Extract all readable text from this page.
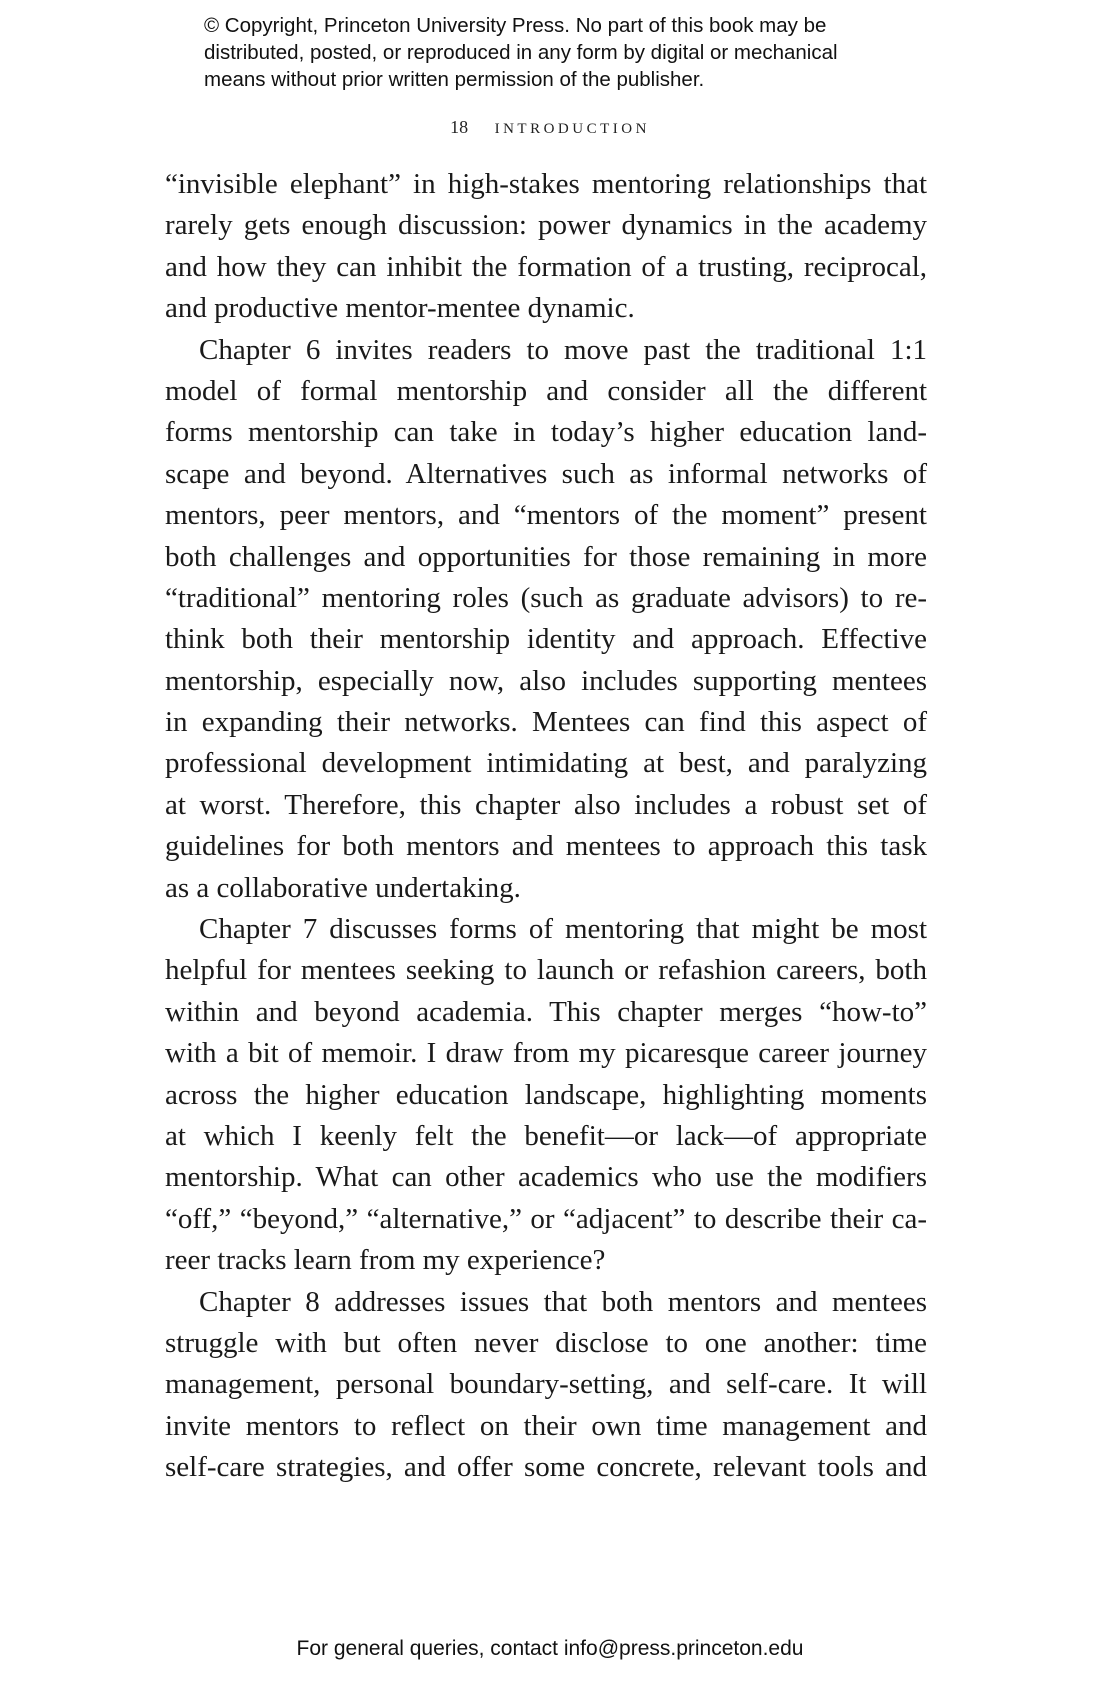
© Copyright, Princeton University Press. No part of this book may be
distributed, posted, or reproduced in any form by digital or mechanical
means without prior written permission of the publisher.
18 introduction
“invisible elephant” in high-stakes mentoring relationships that
rarely gets enough discussion: power dynamics in the academy
and how they can inhibit the formation of a trusting, reciprocal,
and productive mentor-mentee dynamic.
Chapter 6 invites readers to move past the traditional 1:1
model of formal mentorship and consider all the different
forms mentorship can take in today’s higher education land-
scape and beyond. Alternatives such as informal networks of
mentors, peer mentors, and “mentors of the moment” present
both challenges and opportunities for those remaining in more
“traditional” mentoring roles (such as graduate advisors) to re-
think both their mentorship identity and approach. Effective
mentorship, especially now, also includes supporting mentees
in expanding their networks. Mentees can find this aspect of
professional development intimidating at best, and paralyzing
at worst. Therefore, this chapter also includes a robust set of
guidelines for both mentors and mentees to approach this task
as a collaborative undertaking.
Chapter 7 discusses forms of mentoring that might be most
helpful for mentees seeking to launch or refashion careers, both
within and beyond academia. This chapter merges “how-to”
with a bit of memoir. I draw from my picaresque career journey
across the higher education landscape, highlighting moments
at which I keenly felt the benefit—or lack—of appropriate
mentorship. What can other academics who use the modifiers
“off,” “beyond,” “alternative,” or “adjacent” to describe their ca-
reer tracks learn from my experience?
Chapter 8 addresses issues that both mentors and mentees
struggle with but often never disclose to one another: time
management, personal boundary-setting, and self-care. It will
invite mentors to reflect on their own time management and
self-care strategies, and offer some concrete, relevant tools and
For general queries, contact info@press.princeton.edu
